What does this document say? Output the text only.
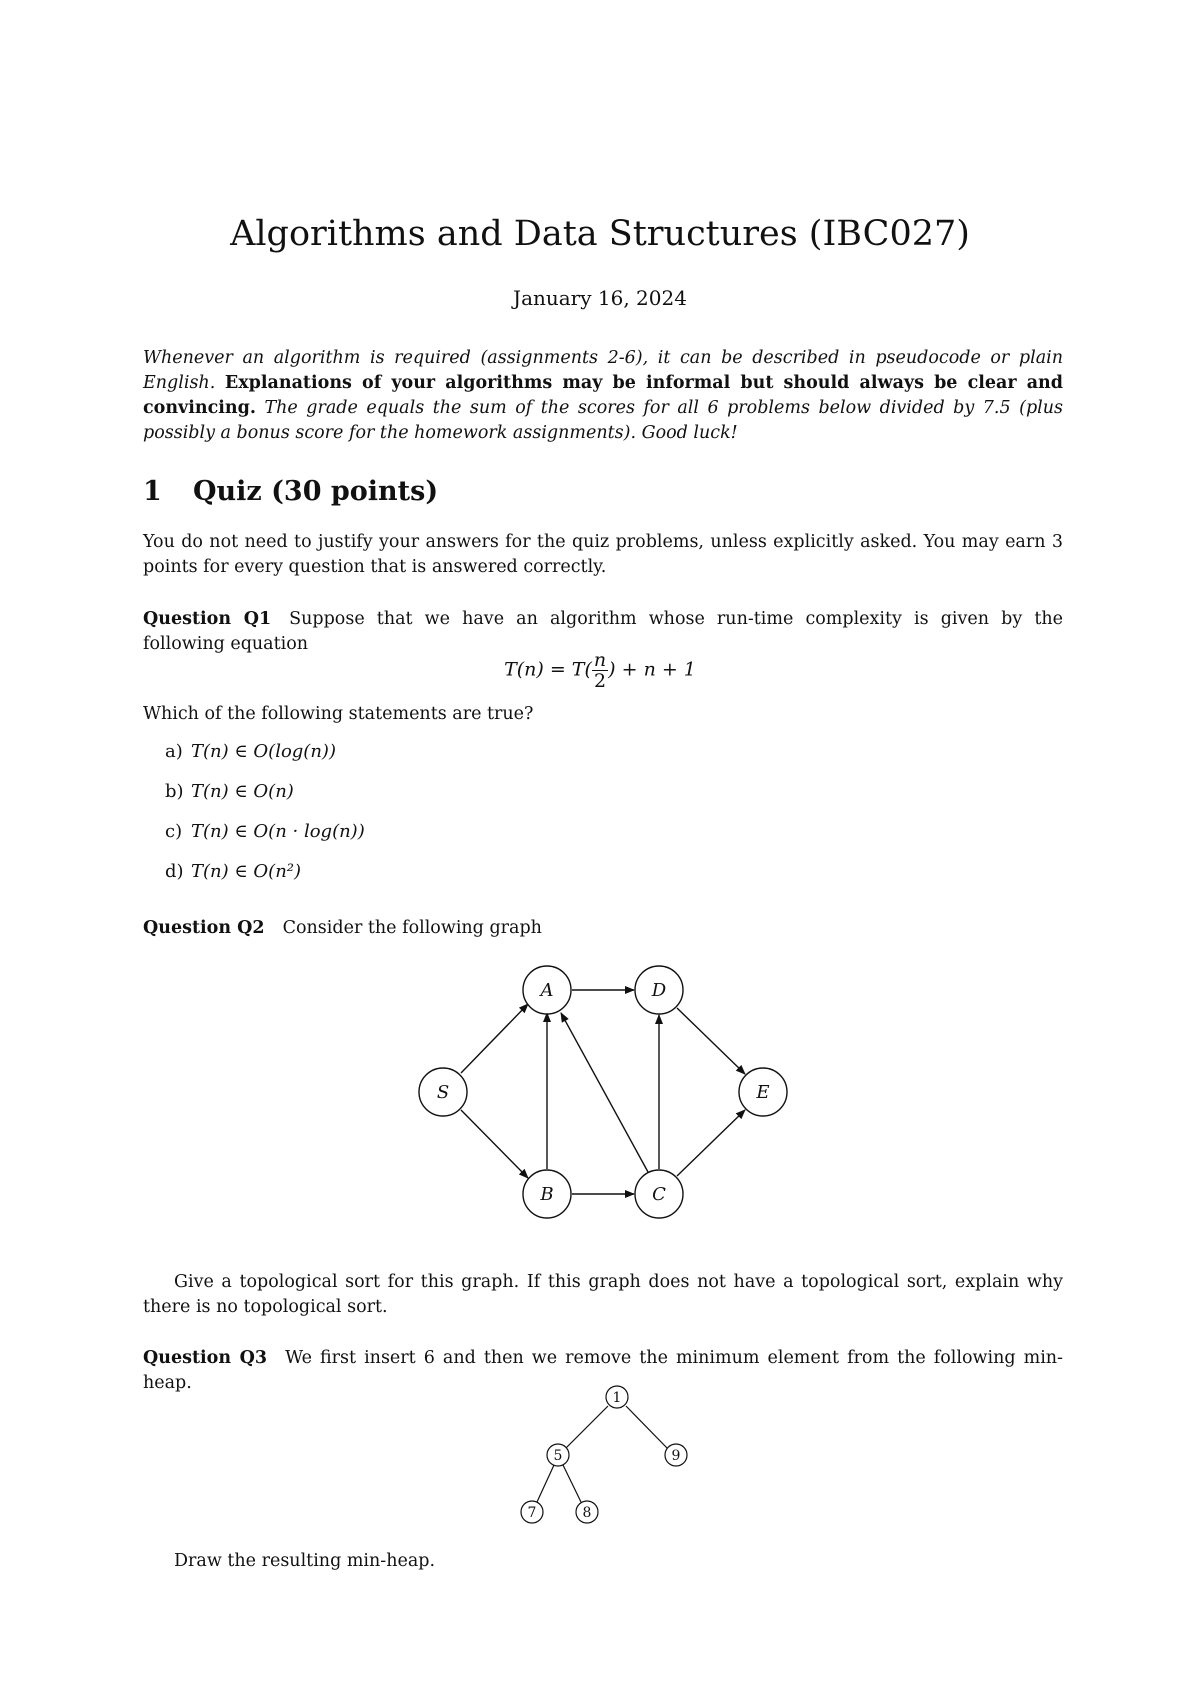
Algorithms and Data Structures (IBC027)
January 16, 2024
Whenever an algorithm is required (assignments 2-6), it can be described in pseudocode or plain English. Explanations of your algorithms may be informal but should always be clear and convincing. The grade equals the sum of the scores for all 6 problems below divided by 7.5 (plus possibly a bonus score for the homework assignments). Good luck!
1 Quiz (30 points)
You do not need to justify your answers for the quiz problems, unless explicitly asked. You may earn 3 points for every question that is answered correctly.
Question Q1 Suppose that we have an algorithm whose run-time complexity is given by the following equation
$T(n) = T( \frac{n}{2}) + n + 1$
Which of the following statements are true?
a) T(n) ∈ O(log(n))
b) T(n) ∈ O(n)
c) T(n) ∈ O(n · log(n))
d) T(n) ∈ O(n²)
Question Q2 Consider the following graph
A	D
S	E
B	C
1
5	9
7	8
Give a topological sort for this graph. If this graph does not have a topological sort, explain why there is no topological sort.
Question Q3 We first insert 6 and then we remove the minimum element from the following min-heap.
Draw the resulting min-heap.
